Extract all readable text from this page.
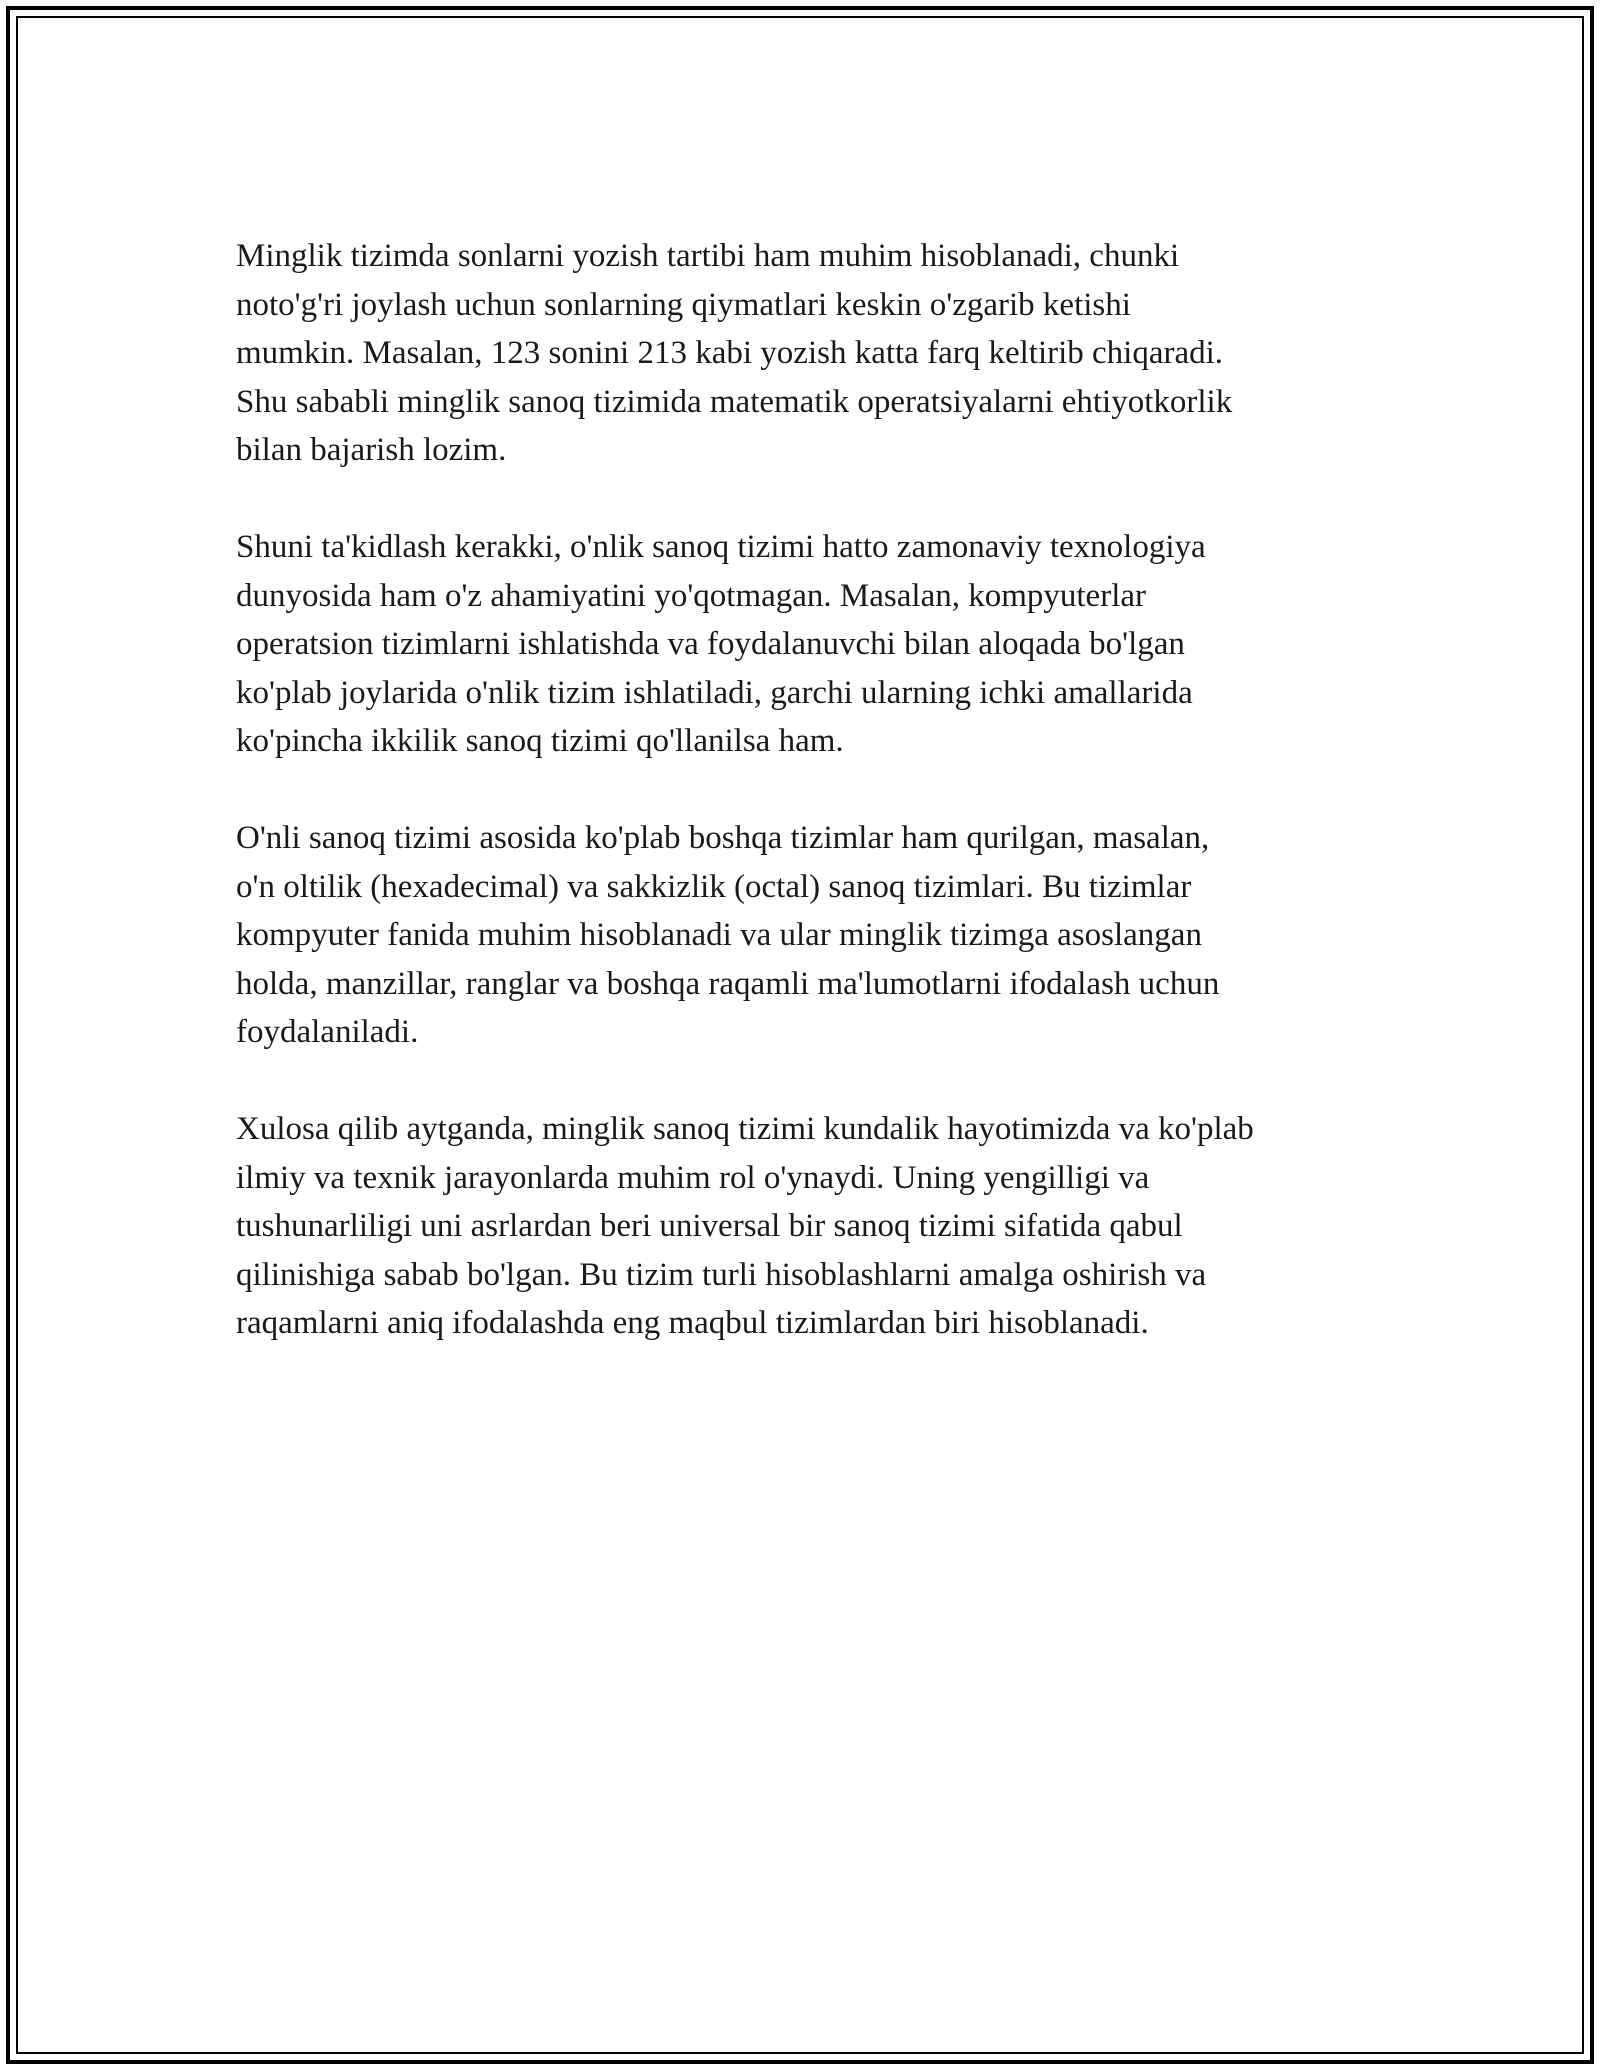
Minglik tizimda sonlarni yozish tartibi ham muhim hisoblanadi, chunki
noto'g'ri joylash uchun sonlarning qiymatlari keskin o'zgarib ketishi
mumkin. Masalan, 123 sonini 213 kabi yozish katta farq keltirib chiqaradi.
Shu sababli minglik sanoq tizimida matematik operatsiyalarni ehtiyotkorlik
bilan bajarish lozim.

Shuni ta'kidlash kerakki, o'nlik sanoq tizimi hatto zamonaviy texnologiya
dunyosida ham o'z ahamiyatini yo'qotmagan. Masalan, kompyuterlar
operatsion tizimlarni ishlatishda va foydalanuvchi bilan aloqada bo'lgan
ko'plab joylarida o'nlik tizim ishlatiladi, garchi ularning ichki amallarida
ko'pincha ikkilik sanoq tizimi qo'llanilsa ham.

O'nli sanoq tizimi asosida ko'plab boshqa tizimlar ham qurilgan, masalan,
o'n oltilik (hexadecimal) va sakkizlik (octal) sanoq tizimlari. Bu tizimlar
kompyuter fanida muhim hisoblanadi va ular minglik tizimga asoslangan
holda, manzillar, ranglar va boshqa raqamli ma'lumotlarni ifodalash uchun
foydalaniladi.

Xulosa qilib aytganda, minglik sanoq tizimi kundalik hayotimizda va ko'plab
ilmiy va texnik jarayonlarda muhim rol o'ynaydi. Uning yengilligi va
tushunarliligi uni asrlardan beri universal bir sanoq tizimi sifatida qabul
qilinishiga sabab bo'lgan. Bu tizim turli hisoblashlarni amalga oshirish va
raqamlarni aniq ifodalashda eng maqbul tizimlardan biri hisoblanadi.
